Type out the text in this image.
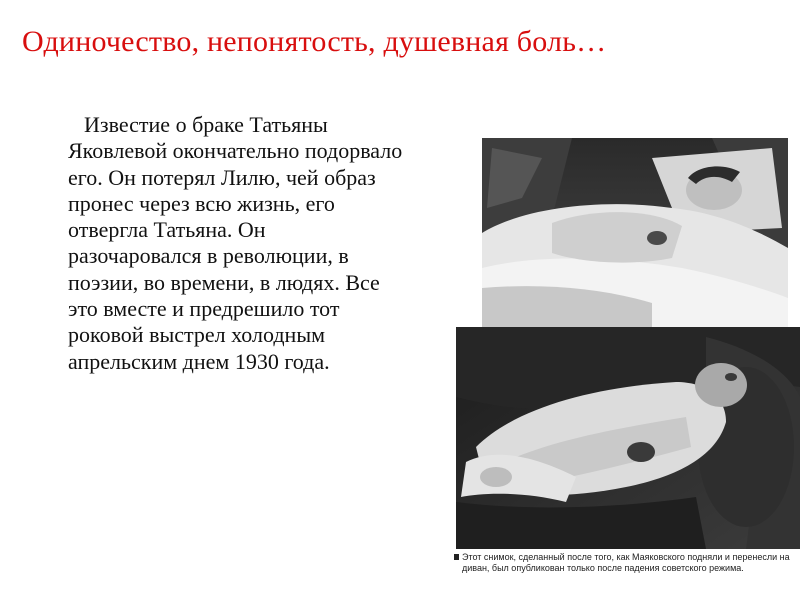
Одиночество, непонятость, душевная боль…
Известие о браке Татьяны Яковлевой окончательно подорвало его. Он потерял Лилю, чей образ пронес через всю жизнь, его отвергла Татьяна. Он разочаровался в революции, в поэзии, во времени, в людях. Все это вместе и предрешило тот роковой выстрел холодным апрельским днем 1930 года.
Этот снимок, сделанный после того, как Маяковского подняли и перенесли на диван, был опубликован только после падения советского режима.
